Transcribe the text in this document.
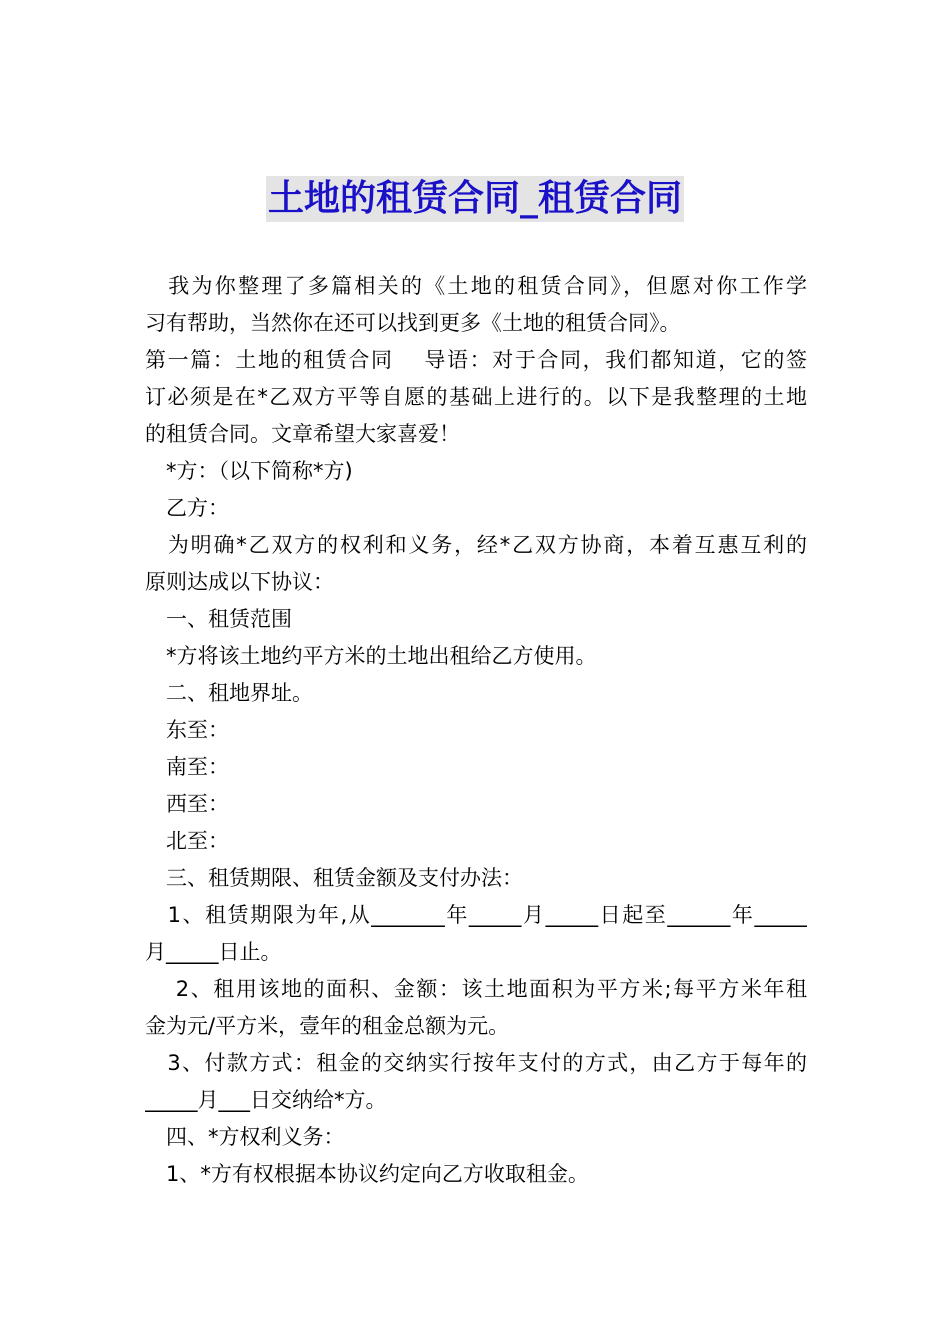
土地的租赁合同_租赁合同
　我为你整理了多篇相关的《土地的租赁合同》，但愿对你工作学
习有帮助，当然你在还可以找到更多《土地的租赁合同》。
第一篇：土地的租赁合同　 导语：对于合同，我们都知道，它的签
订必须是在*乙双方平等自愿的基础上进行的。以下是我整理的土地
的租赁合同。文章希望大家喜爱！
　*方：（以下简称*方)
　乙方：
　为明确*乙双方的权利和义务，经*乙双方协商，本着互惠互利的
原则达成以下协议：
　一、租赁范围
　*方将该土地约平方米的土地出租给乙方使用。
　二、租地界址。
　东至：
　南至：
　西至：
　北至：
　三、租赁期限、租赁金额及支付办法：
　1、租赁期限为年,从_______年_____月_____日起至______年_____
月_____日止。
　 2、租用该地的面积、金额：该土地面积为平方米;每平方米年租
金为元/平方米，壹年的租金总额为元。
　3、付款方式：租金的交纳实行按年支付的方式，由乙方于每年的
_____月___日交纳给*方。
　四、*方权利义务：
　1、*方有权根据本协议约定向乙方收取租金。
